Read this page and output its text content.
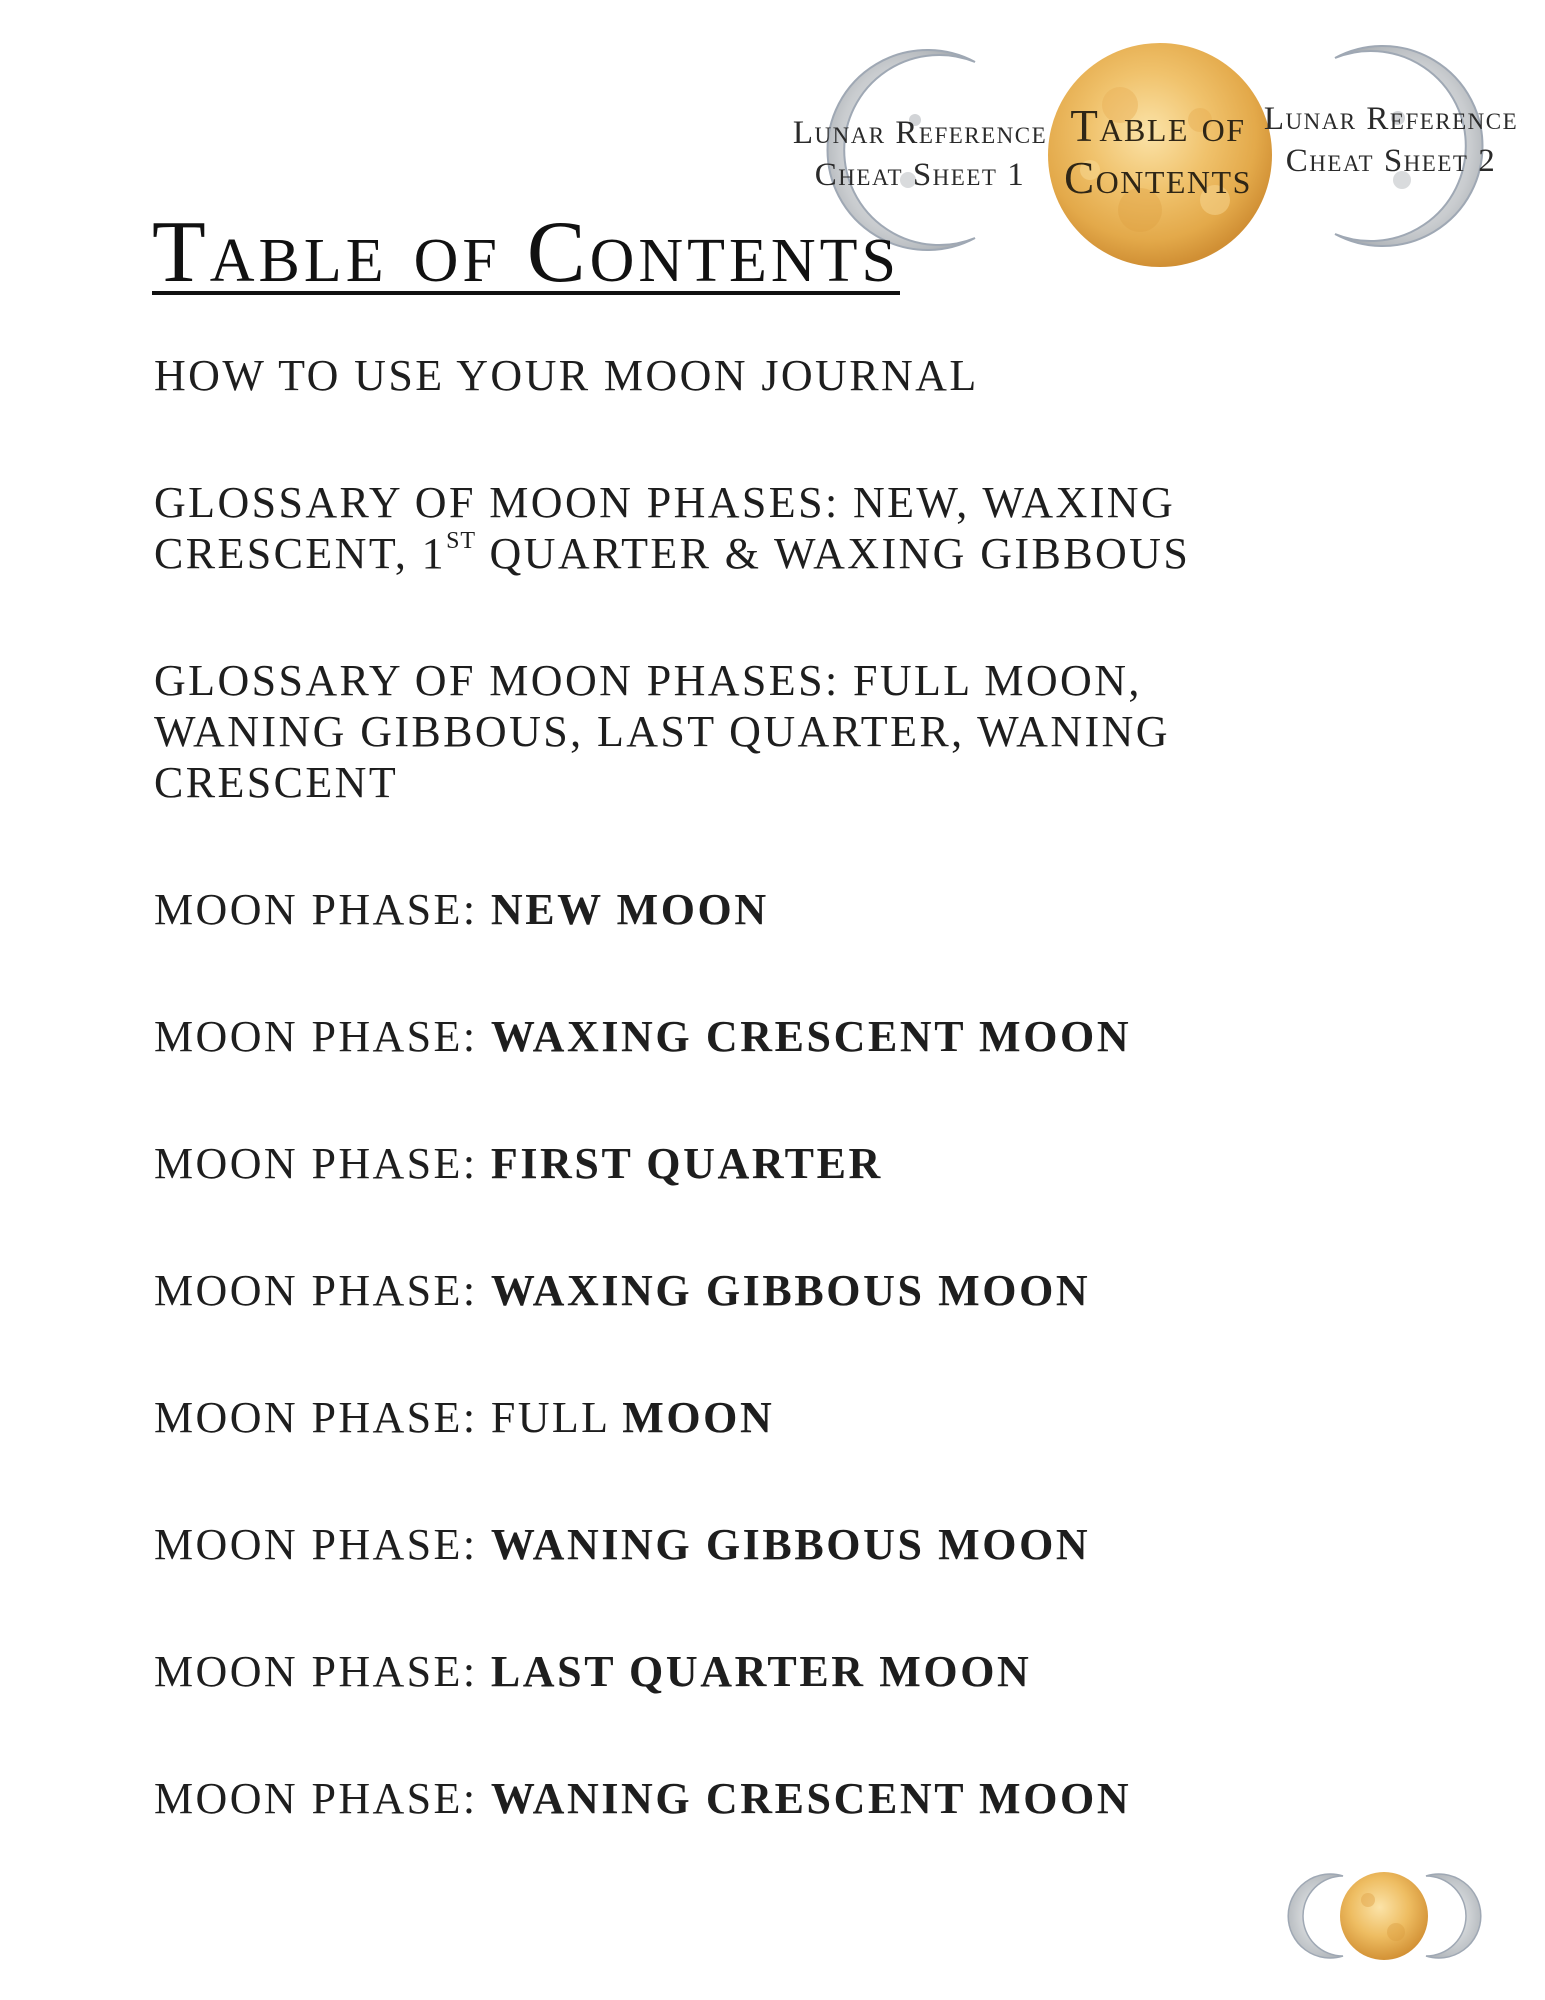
Lunar Reference
Cheat Sheet 1
Table of
Contents
Lunar Reference
Cheat Sheet 2
Table of Contents
HOW TO USE YOUR MOON JOURNAL
GLOSSARY OF MOON PHASES: NEW, WAXING
CRESCENT, 1ST QUARTER & WAXING GIBBOUS
GLOSSARY OF MOON PHASES: FULL MOON,
WANING GIBBOUS, LAST QUARTER, WANING
CRESCENT
MOON PHASE: NEW MOON
MOON PHASE: WAXING CRESCENT MOON
MOON PHASE: FIRST QUARTER
MOON PHASE: WAXING GIBBOUS MOON
MOON PHASE: FULL MOON
MOON PHASE: WANING GIBBOUS MOON
MOON PHASE: LAST QUARTER MOON
MOON PHASE: WANING CRESCENT MOON
